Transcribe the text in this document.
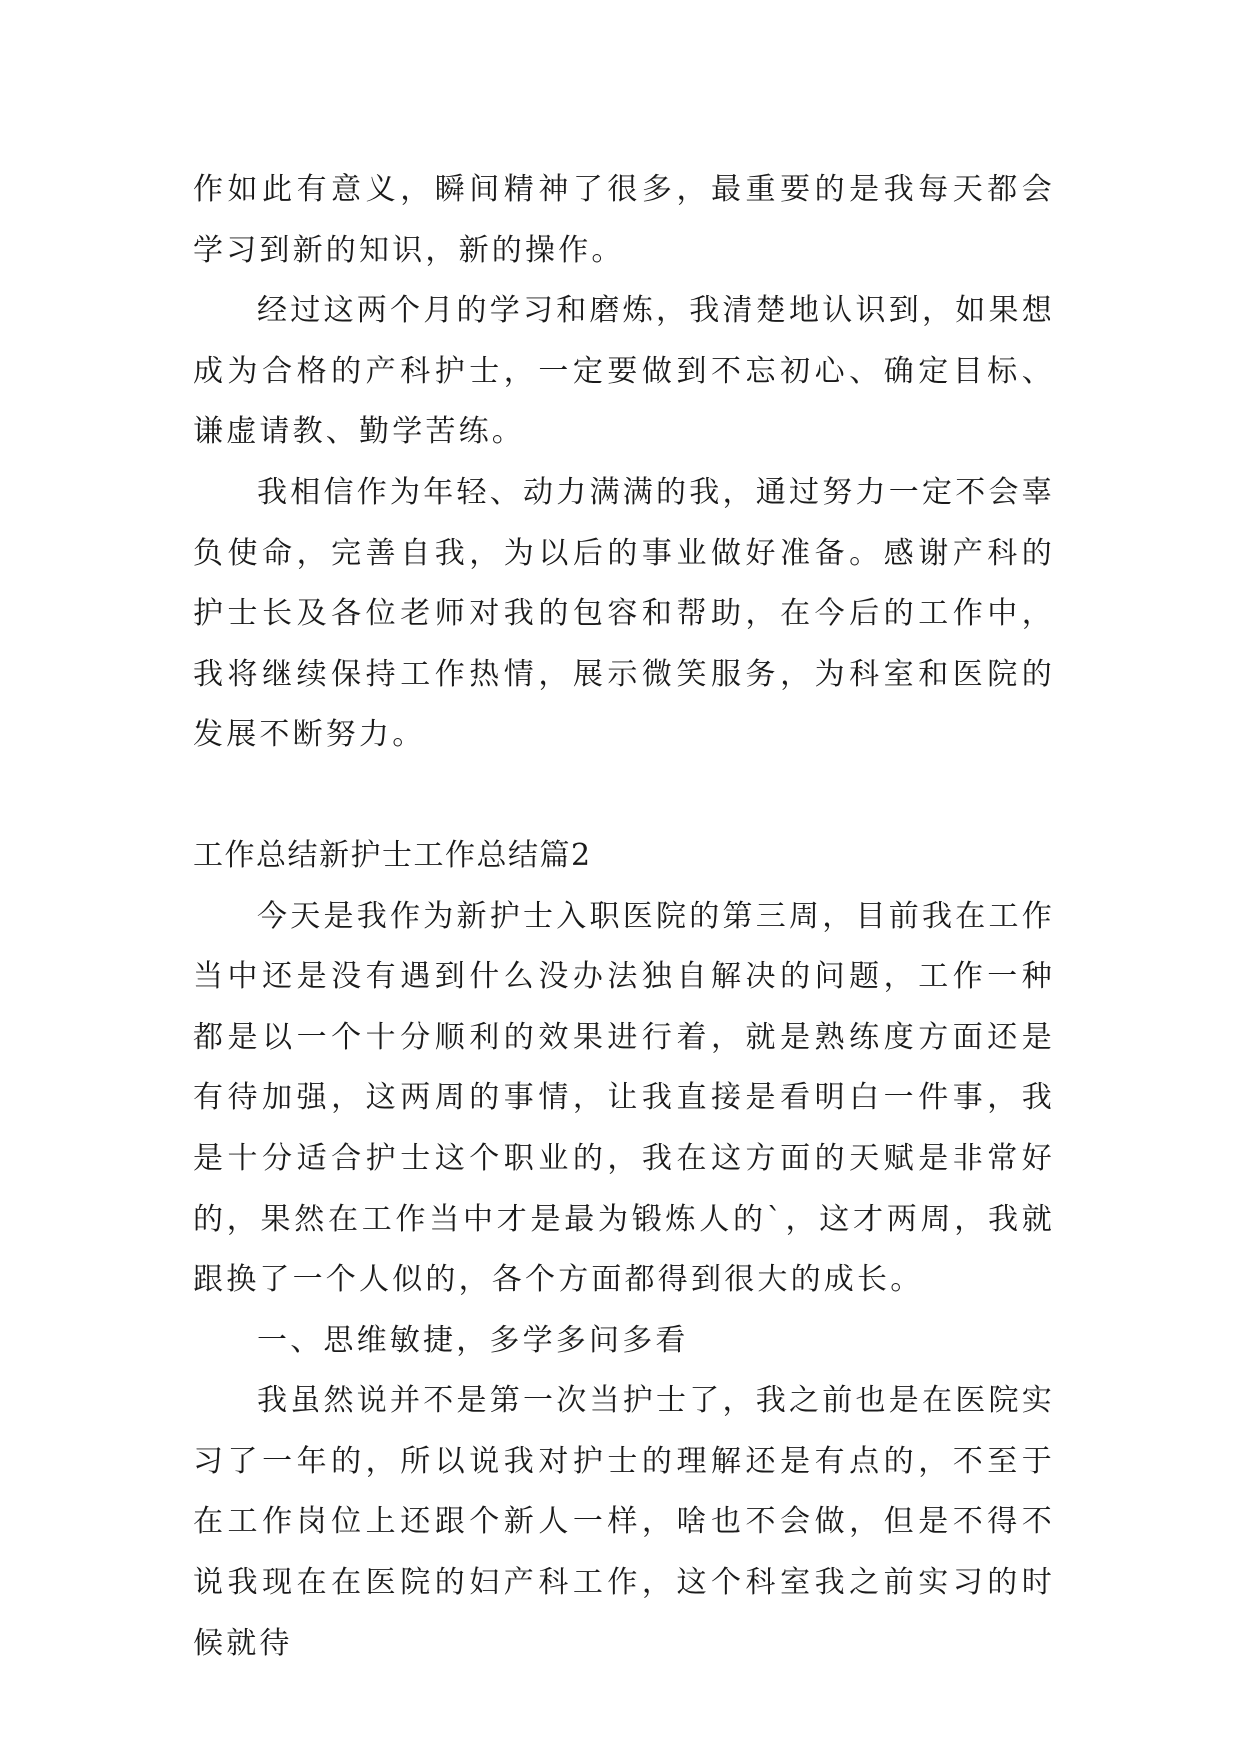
作如此有意义，瞬间精神了很多，最重要的是我每天都会学习到新的知识，新的操作。

经过这两个月的学习和磨炼，我清楚地认识到，如果想成为合格的产科护士，一定要做到不忘初心、确定目标、谦虚请教、勤学苦练。

我相信作为年轻、动力满满的我，通过努力一定不会辜负使命，完善自我，为以后的事业做好准备。感谢产科的护士长及各位老师对我的包容和帮助，在今后的工作中，我将继续保持工作热情，展示微笑服务，为科室和医院的发展不断努力。

工作总结新护士工作总结篇2

今天是我作为新护士入职医院的第三周，目前我在工作当中还是没有遇到什么没办法独自解决的问题，工作一种都是以一个十分顺利的效果进行着，就是熟练度方面还是有待加强，这两周的事情，让我直接是看明白一件事，我是十分适合护士这个职业的，我在这方面的天赋是非常好的，果然在工作当中才是最为锻炼人的`，这才两周，我就跟换了一个人似的，各个方面都得到很大的成长。

一、思维敏捷，多学多问多看

我虽然说并不是第一次当护士了，我之前也是在医院实习了一年的，所以说我对护士的理解还是有点的，不至于在工作岗位上还跟个新人一样，啥也不会做，但是不得不说我现在在医院的妇产科工作，这个科室我之前实习的时候就待
